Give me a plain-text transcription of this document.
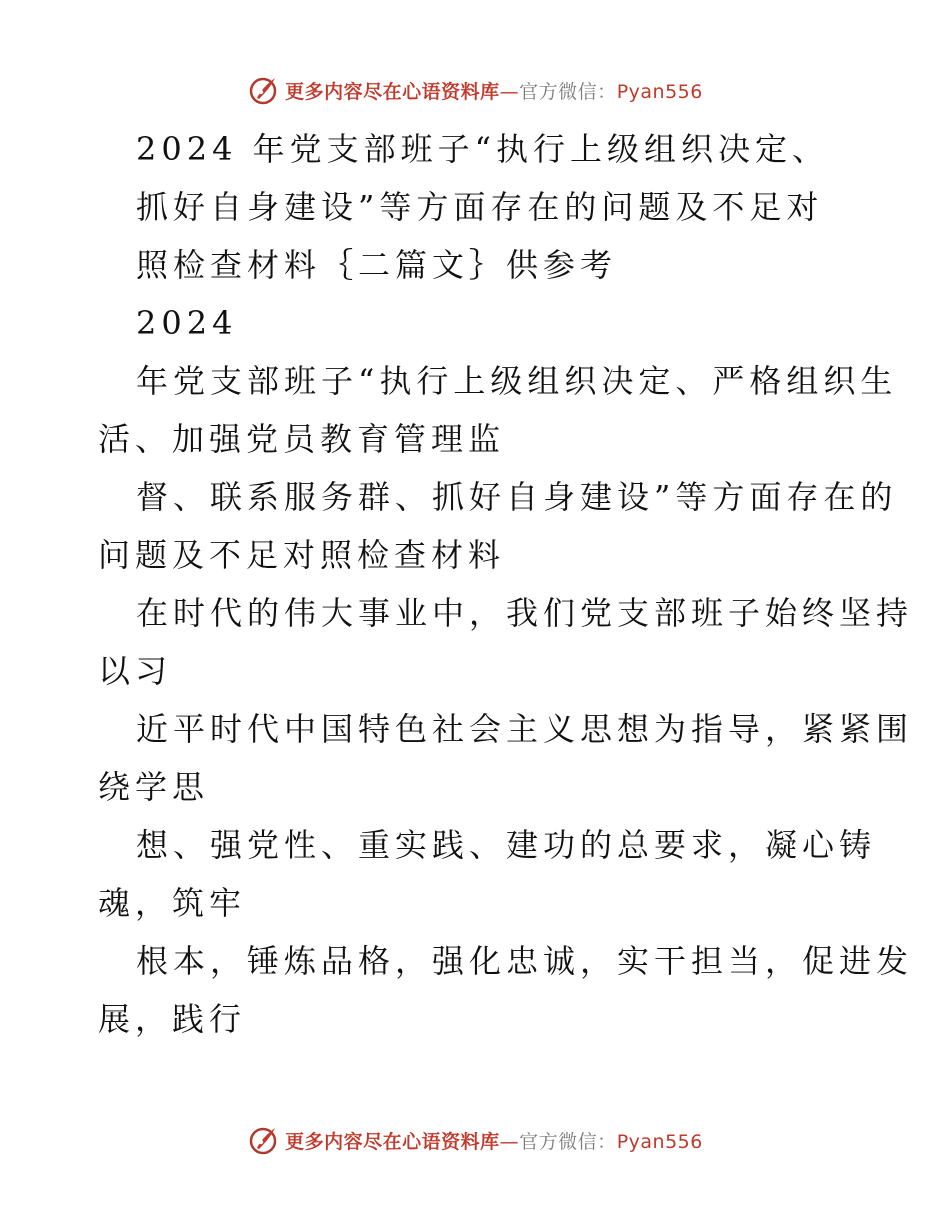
更多内容尽在心语资料库—官方微信：Pyan556
2024 年党支部班子“执行上级组织决定、
抓好自身建设”等方面存在的问题及不足对
照检查材料｛二篇文｝供参考
2024
年党支部班子“执行上级组织决定、严格组织生
活、加强党员教育管理监
督、联系服务群、抓好自身建设”等方面存在的
问题及不足对照检查材料
在时代的伟大事业中，我们党支部班子始终坚持
以习
近平时代中国特色社会主义思想为指导，紧紧围
绕学思
想、强党性、重实践、建功的总要求，凝心铸
魂，筑牢
根本，锤炼品格，强化忠诚，实干担当，促进发
展，践行
更多内容尽在心语资料库—官方微信：Pyan556
